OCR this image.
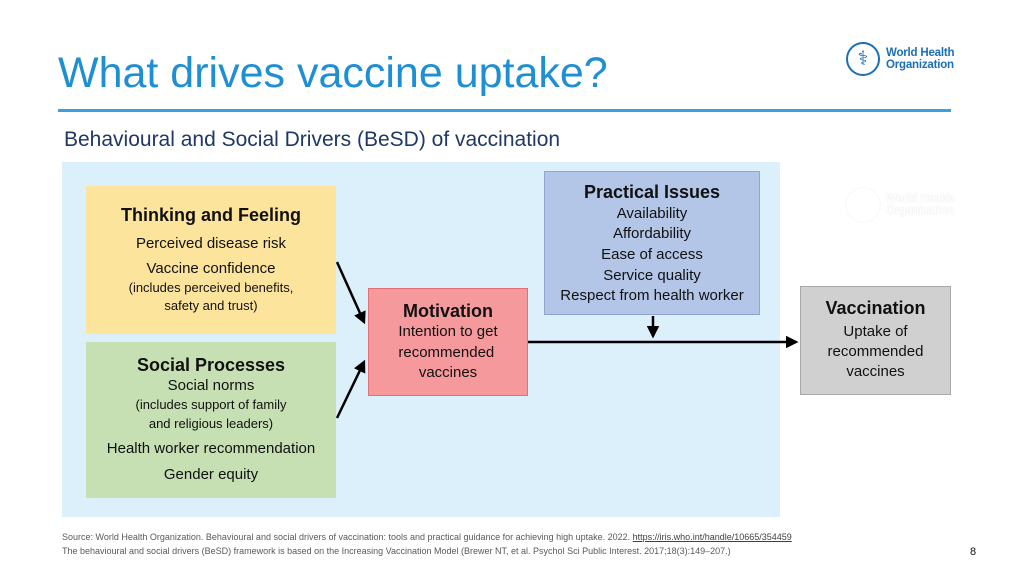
What drives vaccine uptake?	⚕	World Health
Organization
Behavioural and Social Drivers (BeSD) of vaccination
⚕	World Health
Organization
Thinking and Feeling
Perceived disease risk
Vaccine confidence
(includes perceived benefits,
safety and trust)
Social Processes
Social norms
(includes support of family
and religious leaders)
Health worker recommendation
Gender equity
Motivation
Intention to get
recommended
vaccines
Practical Issues
Availability
Affordability
Ease of access
Service quality
Respect from health worker
Vaccination
Uptake of
recommended
vaccines
Source: World Health Organization. Behavioural and social drivers of vaccination: tools and practical guidance for achieving high uptake. 2022. https://iris.who.int/handle/10665/354459
The behavioural and social drivers (BeSD) framework is based on the Increasing Vaccination Model (Brewer NT, et al. Psychol Sci Public Interest. 2017;18(3):149–207.)	8
